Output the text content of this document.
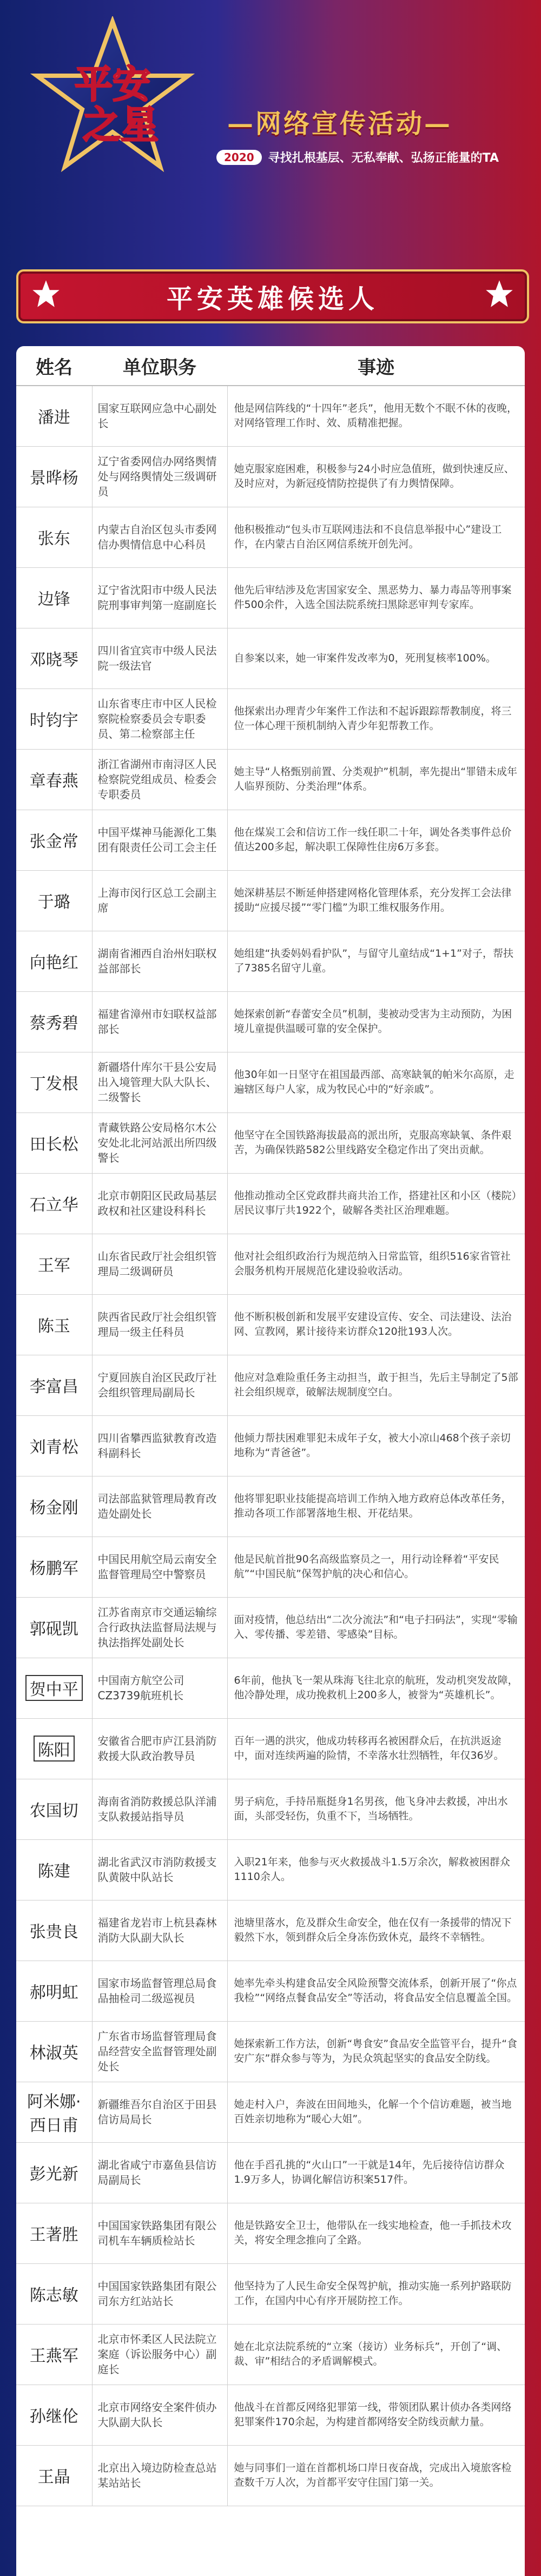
平安
之星	—网络宣传活动—
2020	寻找扎根基层、无私奉献、弘扬正能量的TA
平安英雄候选人
姓名	单位职务	事迹
潘进	国家互联网应急中心副处长	他是网信阵线的“十四年”老兵”，他用无数个不眠不休的夜晚，对网络管理工作时、效、质精准把握。
景晔杨	辽宁省委网信办网络舆情处与网络舆情处三级调研员	她克服家庭困难，积极参与24小时应急值班，做到快速反应、及时应对，为新冠疫情防控提供了有力舆情保障。
张东	内蒙古自治区包头市委网信办舆情信息中心科员	他积极推动“包头市互联网违法和不良信息举报中心”建设工作，在内蒙古自治区网信系统开创先河。
边锋	辽宁省沈阳市中级人民法院刑事审判第一庭副庭长	他先后审结涉及危害国家安全、黑恶势力、暴力毒品等刑事案件500余件，入选全国法院系统扫黑除恶审判专家库。
邓晓琴	四川省宜宾市中级人民法院一级法官	自参案以来，她一审案件发改率为0，死刑复核率100%。
时钧宇	山东省枣庄市中区人民检察院检察委员会专职委员、第二检察部主任	他探索出办理青少年案件工作法和不起诉跟踪帮教制度，将三位一体心理干预机制纳入青少年犯帮教工作。
章春燕	浙江省湖州市南浔区人民检察院党组成员、检委会专职委员	她主导“人格甄别前置、分类观护”机制，率先提出“罪错未成年人临界预防、分类治理”体系。
张金常	中国平煤神马能源化工集团有限责任公司工会主任	他在煤炭工会和信访工作一线任职二十年，调处各类事件总价值达200多起，解决职工保障性住房6万多套。
于璐	上海市闵行区总工会副主席	她深耕基层不断延伸搭建网格化管理体系，充分发挥工会法律援助“应援尽援”“零门槛”为职工维权服务作用。
向艳红	湖南省湘西自治州妇联权益部部长	她组建“执委妈妈看护队”，与留守儿童结成“1+1”对子，帮扶了7385名留守儿童。
蔡秀碧	福建省漳州市妇联权益部部长	她探索创新“春蕾安全员”机制，斐被动受害为主动预防，为困境儿童提供温暖可靠的安全保护。
丁发根	新疆塔什库尔干县公安局出入境管理大队大队长、二级警长	他30年如一日坚守在祖国最西部、高寒缺氧的帕米尔高原，走遍辖区每户人家，成为牧民心中的“好亲戚”。
田长松	青藏铁路公安局格尔木公安处北北河站派出所四级警长	他坚守在全国铁路海拔最高的派出所，克服高寒缺氧、条件艰苦，为确保铁路582公里线路安全稳定作出了突出贡献。
石立华	北京市朝阳区民政局基层政权和社区建设科科长	他推动推动全区党政群共商共治工作，搭建社区和小区（楼院）居民议事厅共1922个，破解各类社区治理难题。
王军	山东省民政厅社会组织管理局二级调研员	他对社会组织政治行为规范纳入日常监管，组织516家省管社会服务机构开展规范化建设验收活动。
陈玉	陕西省民政厅社会组织管理局一级主任科员	他不断积极创新和发展平安建设宣传、安全、司法建设、法治网、宣教网，累计接待来访群众120批193人次。
李富昌	宁夏回族自治区民政厅社会组织管理局副局长	他应对急难险重任务主动担当，敢于担当，先后主导制定了5部社会组织规章，破解法规制度空白。
刘青松	四川省攀西监狱教育改造科副科长	他倾力帮扶困难罪犯未成年子女，被大小凉山468个孩子亲切地称为“青爸爸”。
杨金刚	司法部监狱管理局教育改造处副处长	他将罪犯职业技能提高培训工作纳入地方政府总体改革任务，推动各项工作部署落地生根、开花结果。
杨鹏军	中国民用航空局云南安全监督管理局空中警察员	他是民航首批90名高级监察员之一，用行动诠释着“平安民航”“中国民航”保驾护航的决心和信心。
郭砚凯	江苏省南京市交通运输综合行政执法监督局法规与执法指挥处副处长	面对疫情，他总结出“二次分流法”和“电子扫码法”，实现“零输入、零传播、零差错、零感染”目标。
贺中平	中国南方航空公司CZ3739航班机长	6年前，他执飞一架从珠海飞往北京的航班，发动机突发故障，他冷静处理，成功挽救机上200多人，被誉为“英雄机长”。
陈阳	安徽省合肥市庐江县消防救援大队政治教导员	百年一遇的洪灾，他成功转移再名被困群众后，在抗洪返途中，面对连续两遍的险情，不幸落水壮烈牺牲，年仅36岁。
农国切	海南省消防救援总队洋浦支队救援站指导员	男子病危，手持吊瓶挺身1名男孩，他飞身冲去救援，冲出水面，头部受轻伤，负重不下，当场牺牲。
陈建	湖北省武汉市消防救援支队黄陂中队站长	入职21年来，他参与灭火救援战斗1.5万余次，解救被困群众1110余人。
张贵良	福建省龙岩市上杭县森林消防大队副大队长	池塘里落水，危及群众生命安全，他在仅有一条援带的情况下毅然下水，领到群众后全身冻伤致休克，最终不幸牺牲。
郝明虹	国家市场监督管理总局食品抽检司二级巡视员	她率先牵头构建食品安全风险预警交流体系，创新开展了“你点我检”“网络点餐食品安全”等活动，将食品安全信息覆盖全国。
林淑英	广东省市场监督管理局食品经营安全监督管理处副处长	她探索新工作方法，创新“粤食安”食品安全监管平台，提升“食安广东”群众参与等为，为民众筑起坚实的食品安全防线。
阿米娜·西日甫	新疆维吾尔自治区于田县信访局局长	她走村入户，奔波在田间地头，化解一个个信访难题，被当地百姓亲切地称为“暖心大姐”。
彭光新	湖北省咸宁市嘉鱼县信访局副局长	他在手舀孔挑的“火山口”一干就是14年，先后接待信访群众1.9万多人，协调化解信访积案517件。
王著胜	中国国家铁路集团有限公司机车车辆质检站长	他是铁路安全卫士，他带队在一线实地检查，他一手抓技术攻关，将安全理念推向了全路。
陈志敏	中国国家铁路集团有限公司东方红站站长	他坚持为了人民生命安全保驾护航，推动实施一系列护路联防工作，在国内中心有序开展防控工作。
王燕军	北京市怀柔区人民法院立案庭（诉讼服务中心）副庭长	她在北京法院系统的“立案（接访）业务标兵”，开创了“调、裁、审”相结合的矛盾调解模式。
孙继伦	北京市网络安全案件侦办大队副大队长	他战斗在首都反网络犯罪第一线，带领团队累计侦办各类网络犯罪案件170余起，为构建首都网络安全防线贡献力量。
王晶	北京出入境边防检查总站某站站长	她与同事们一道在首都机场口岸日夜奋战，完成出入境旅客检查数千万人次，为首都平安守住国门第一关。
